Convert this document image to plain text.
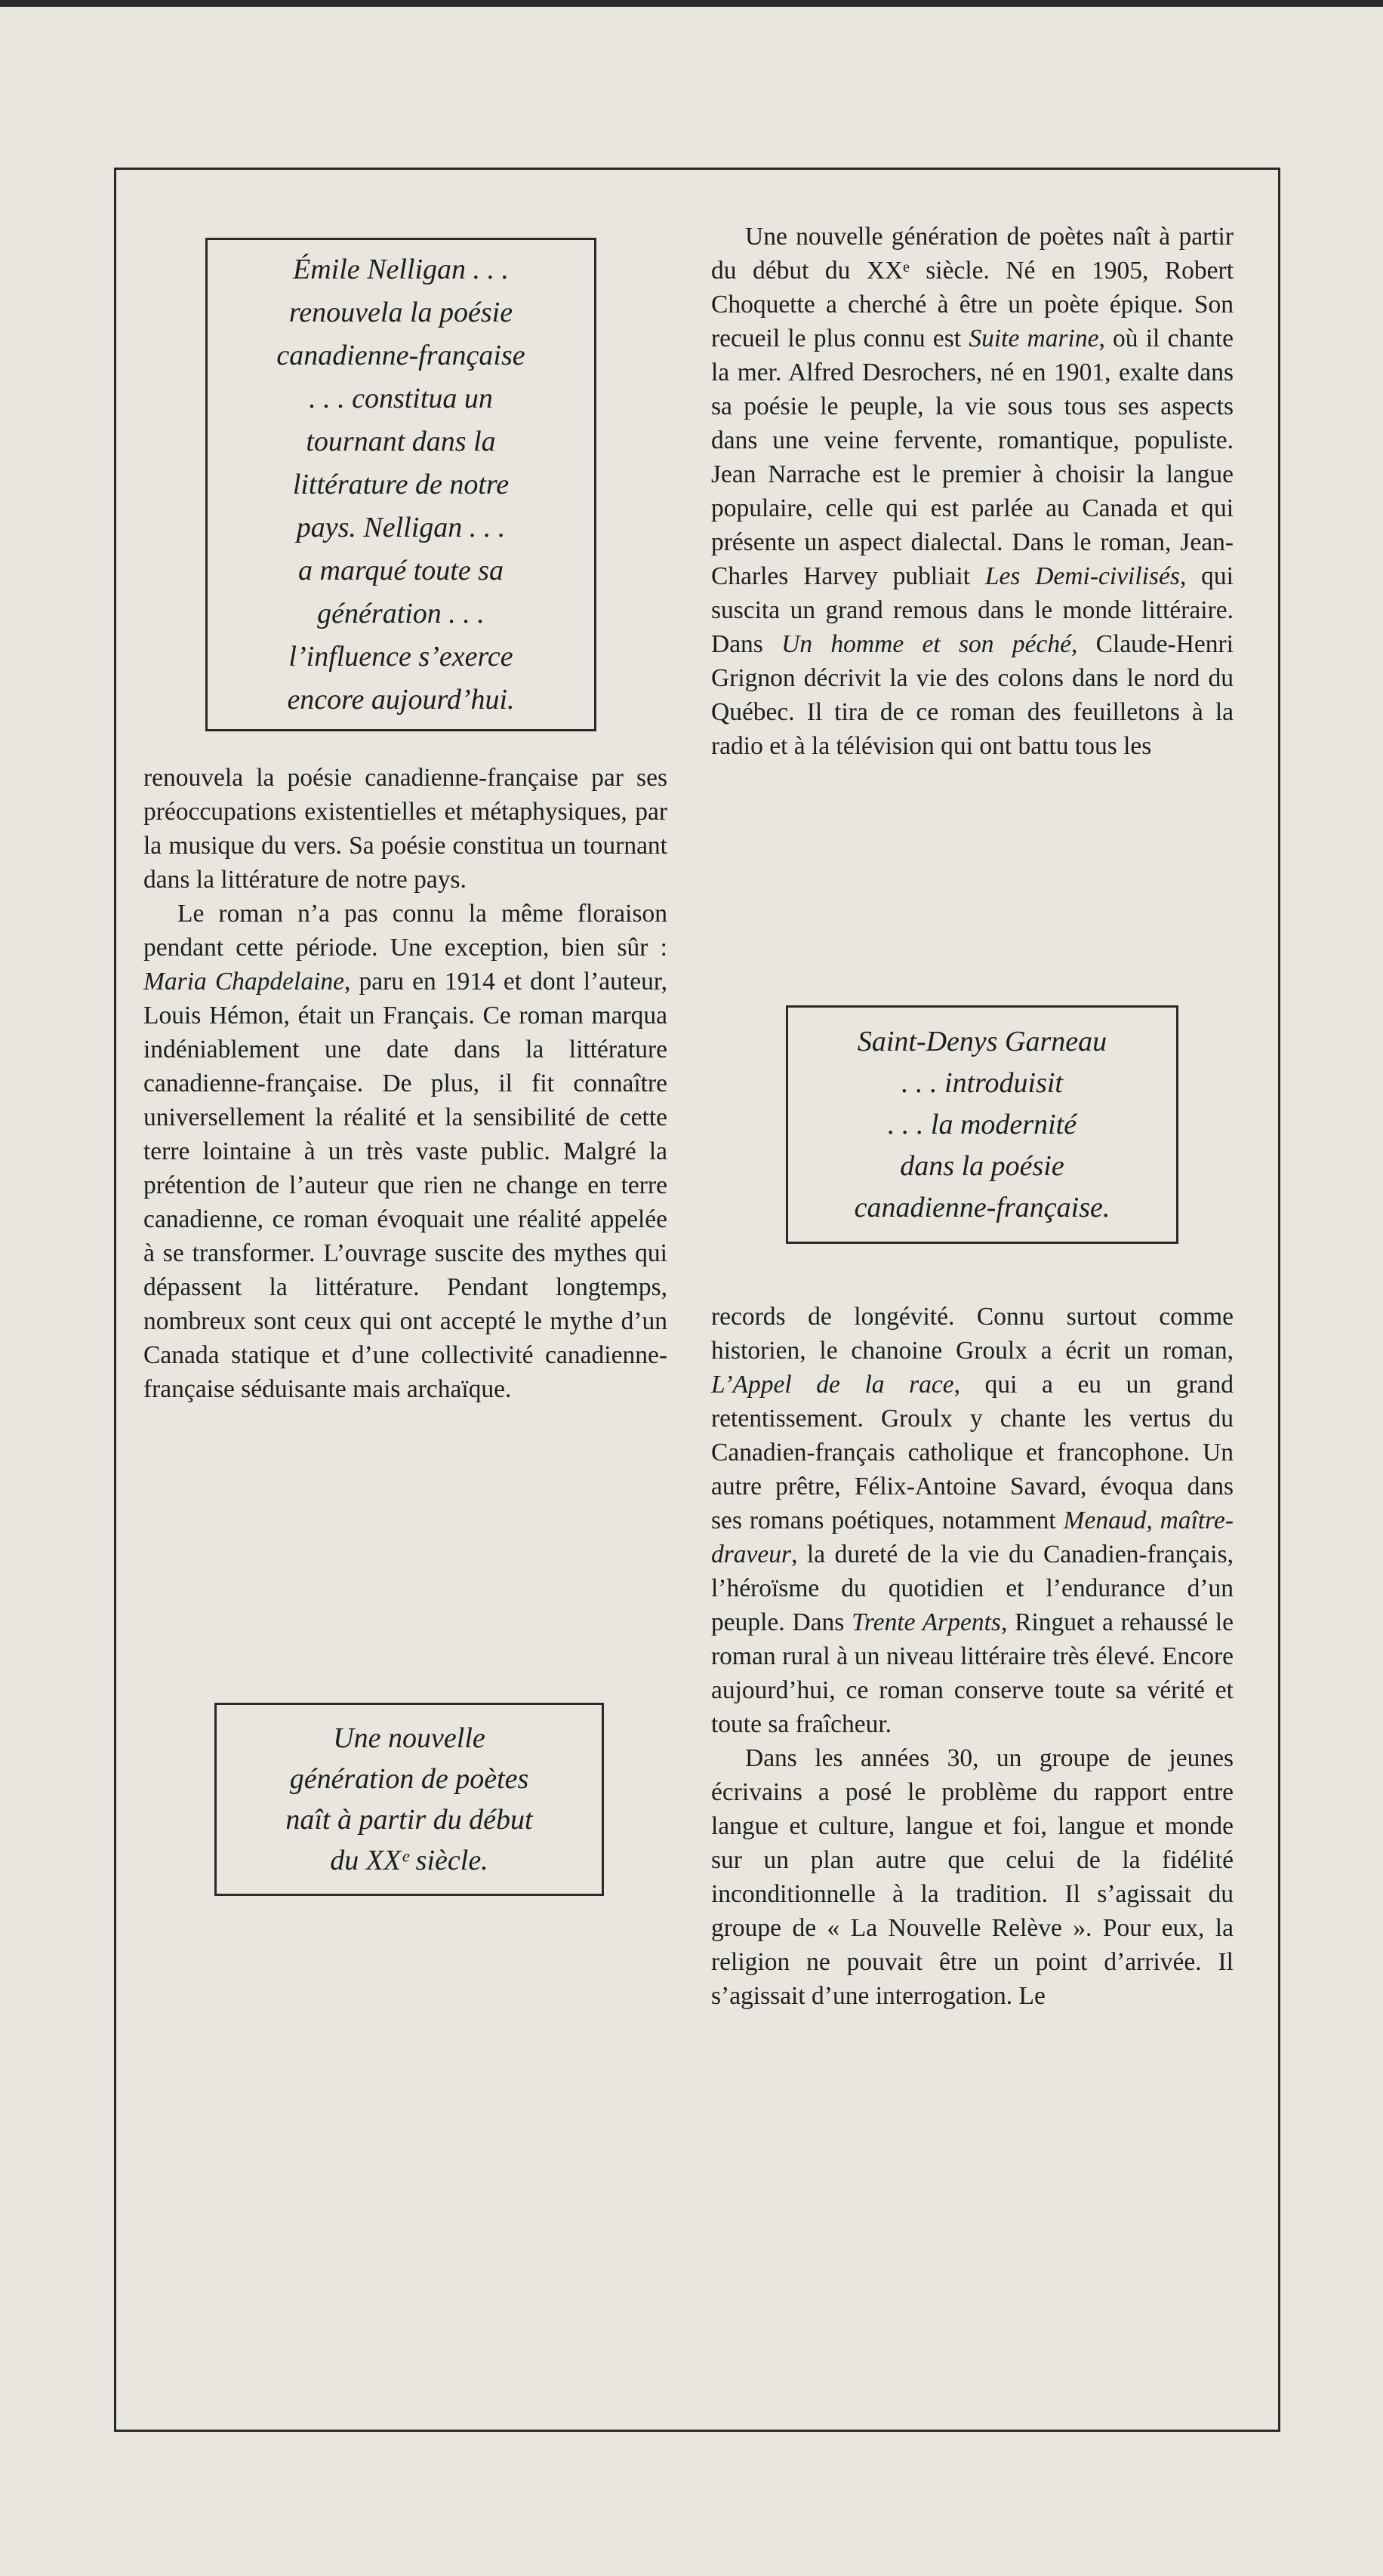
Émile Nelligan . . .
renouvela la poésie
canadienne-française
. . . constitua un
tournant dans la
littérature de notre
pays. Nelligan . . .
a marqué toute sa
génération . . .
l’influence s’exerce
encore aujourd’hui.

renouvela la poésie canadienne-française par ses préoccupations existentielles et métaphysiques, par la musique du vers. Sa poésie constitua un tournant dans la littérature de notre pays.

Le roman n’a pas connu la même floraison pendant cette période. Une exception, bien sûr : Maria Chapdelaine, paru en 1914 et dont l’auteur, Louis Hémon, était un Français. Ce roman marqua indéniablement une date dans la littérature canadienne-française. De plus, il fit connaître universellement la réalité et la sensibilité de cette terre lointaine à un très vaste public. Malgré la prétention de l’auteur que rien ne change en terre canadienne, ce roman évoquait une réalité appelée à se transformer. L’ouvrage suscite des mythes qui dépassent la littérature. Pendant longtemps, nombreux sont ceux qui ont accepté le mythe d’un Canada statique et d’une collectivité canadienne-française séduisante mais archaïque.

Une nouvelle
génération de poètes
naît à partir du début
du XXᵉ siècle.

Une nouvelle génération de poètes naît à partir du début du XXᵉ siècle. Né en 1905, Robert Choquette a cherché à être un poète épique. Son recueil le plus connu est Suite marine, où il chante la mer. Alfred Desrochers, né en 1901, exalte dans sa poésie le peuple, la vie sous tous ses aspects dans une veine fervente, romantique, populiste. Jean Narrache est le premier à choisir la langue populaire, celle qui est parlée au Canada et qui présente un aspect dialectal. Dans le roman, Jean-Charles Harvey publiait Les Demi-civilisés, qui suscita un grand remous dans le monde littéraire. Dans Un homme et son péché, Claude-Henri Grignon décrivit la vie des colons dans le nord du Québec. Il tira de ce roman des feuilletons à la radio et à la télévision qui ont battu tous les

Saint-Denys Garneau
. . . introduisit
. . . la modernité
dans la poésie
canadienne-française.

records de longévité. Connu surtout comme historien, le chanoine Groulx a écrit un roman, L’Appel de la race, qui a eu un grand retentissement. Groulx y chante les vertus du Canadien-français catholique et francophone. Un autre prêtre, Félix-Antoine Savard, évoqua dans ses romans poétiques, notamment Menaud, maître-draveur, la dureté de la vie du Canadien-français, l’héroïsme du quotidien et l’endurance d’un peuple. Dans Trente Arpents, Ringuet a rehaussé le roman rural à un niveau littéraire très élevé. Encore aujourd’hui, ce roman conserve toute sa vérité et toute sa fraîcheur.

Dans les années 30, un groupe de jeunes écrivains a posé le problème du rapport entre langue et culture, langue et foi, langue et monde sur un plan autre que celui de la fidélité inconditionnelle à la tradition. Il s’agissait du groupe de « La Nouvelle Relève ». Pour eux, la religion ne pouvait être un point d’arrivée. Il s’agissait d’une interrogation. Le
